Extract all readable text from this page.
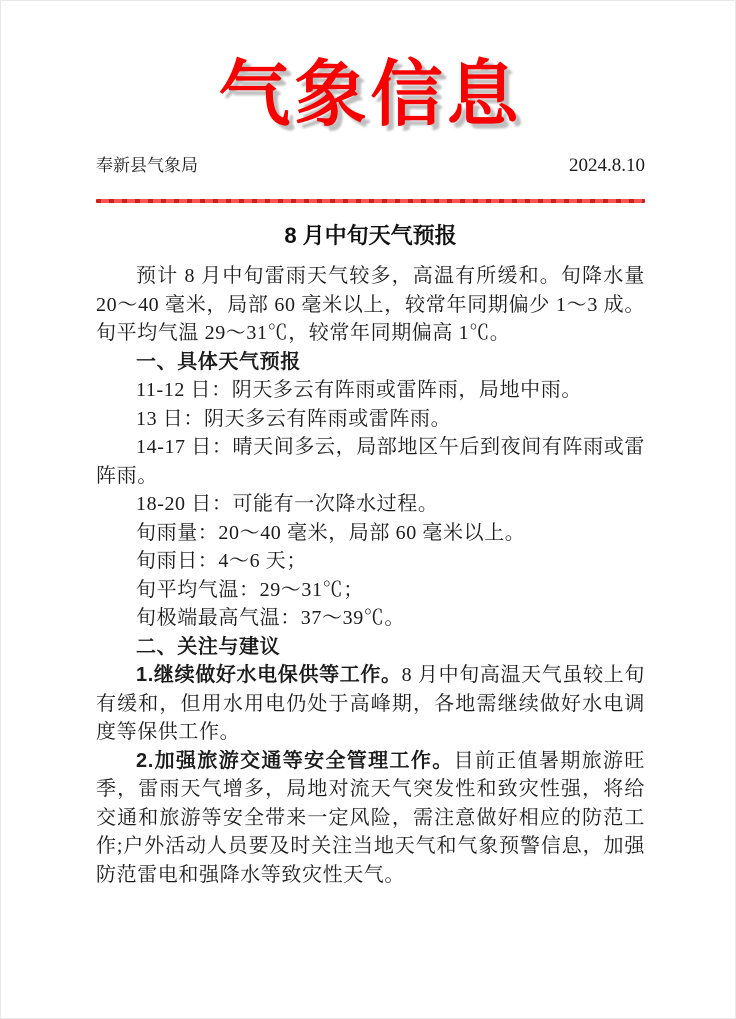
气象信息
奉新县气象局	2024.8.10
8 月中旬天气预报

预计 8 月中旬雷雨天气较多，高温有所缓和。旬降水量 20～40 毫米，局部 60 毫米以上，较常年同期偏少 1～3 成。旬平均气温 29～31℃，较常年同期偏高 1℃。

一、具体天气预报

11-12 日：阴天多云有阵雨或雷阵雨，局地中雨。

13 日：阴天多云有阵雨或雷阵雨。

14-17 日：晴天间多云，局部地区午后到夜间有阵雨或雷阵雨。

18-20 日：可能有一次降水过程。

旬雨量：20～40 毫米，局部 60 毫米以上。

旬雨日：4～6 天；

旬平均气温：29～31℃；

旬极端最高气温：37～39℃。

二、关注与建议

1.继续做好水电保供等工作。8 月中旬高温天气虽较上旬有缓和，但用水用电仍处于高峰期，各地需继续做好水电调度等保供工作。

2.加强旅游交通等安全管理工作。目前正值暑期旅游旺季，雷雨天气增多，局地对流天气突发性和致灾性强，将给交通和旅游等安全带来一定风险，需注意做好相应的防范工作;户外活动人员要及时关注当地天气和气象预警信息，加强防范雷电和强降水等致灾性天气。
